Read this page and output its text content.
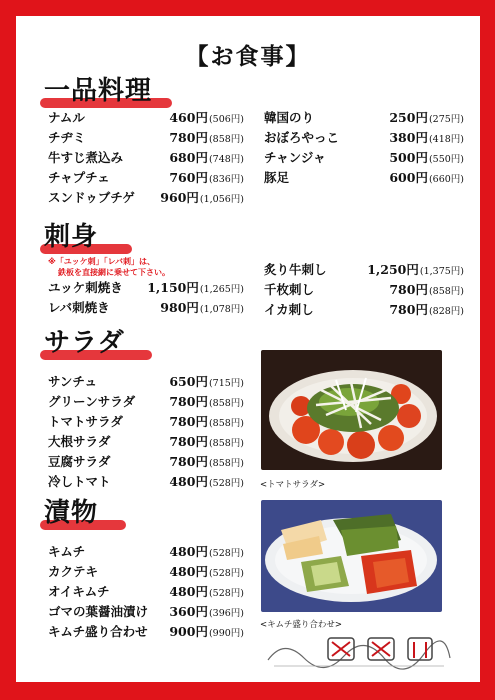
【お食事】
一品料理
ナムル	460円 (506円)
チヂミ	780円 (858円)
牛すじ煮込み	680円 (748円)
チャプチェ	760円 (836円)
スンドゥブチゲ	960円 (1,056円)
韓国のり	250円 (275円)
おぼろやっこ	380円 (418円)
チャンジャ	500円 (550円)
豚足	600円 (660円)
刺身
※「ユッケ刺」「レバ刺」は、
鉄板を直接網に乗せて下さい。
ユッケ刺焼き	1,150円 (1,265円)
レバ刺焼き	980円 (1,078円)
炙り牛刺し	1,250円 (1,375円)
千枚刺し	780円 (858円)
イカ刺し	780円 (828円)
サラダ
サンチュ	650円 (715円)
グリーンサラダ	780円 (858円)
トマトサラダ	780円 (858円)
大根サラダ	780円 (858円)
豆腐サラダ	780円 (858円)
冷しトマト	480円 (528円) <トマトサラダ>
漬物
キムチ	480円 (528円)
カクテキ	480円 (528円)
オイキムチ	480円 (528円)
ゴマの葉醤油漬け	360円 (396円)
キムチ盛り合わせ	900円 (990円)
<キムチ盛り合わせ>
